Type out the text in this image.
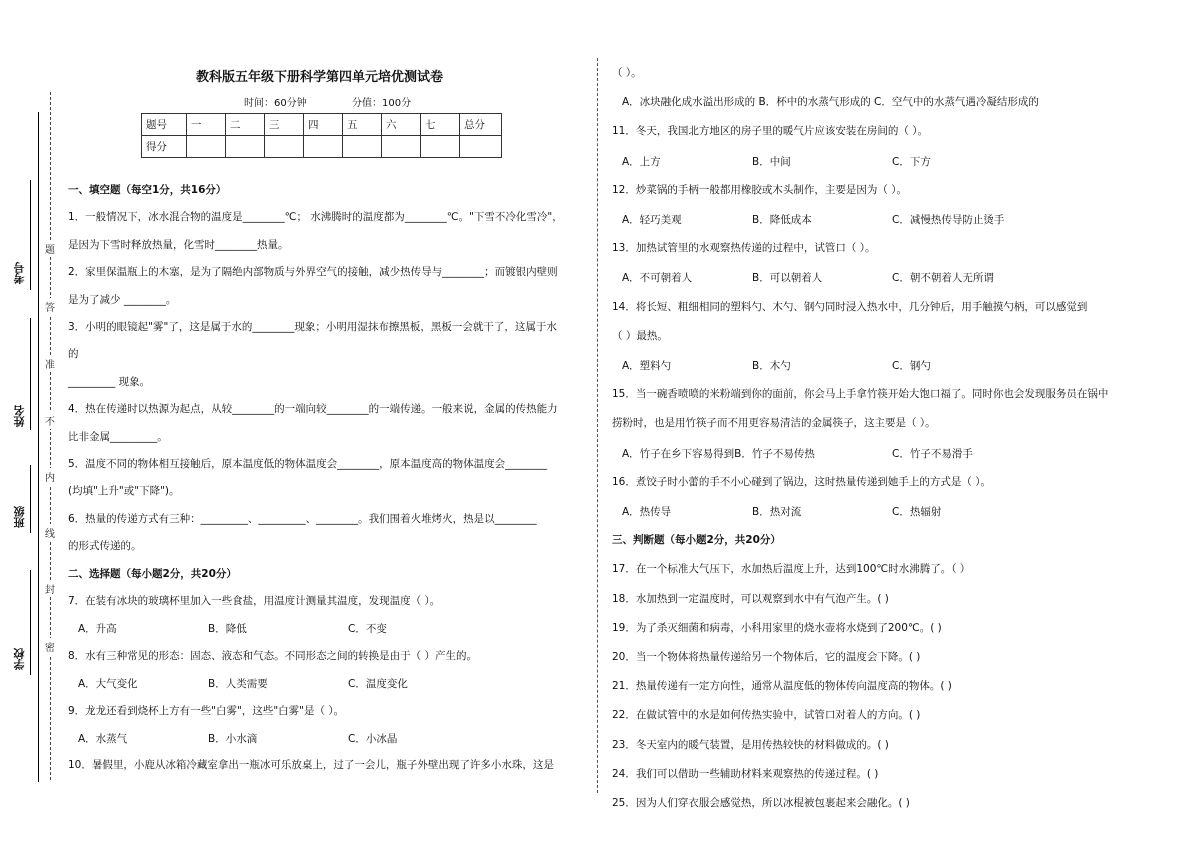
考号
姓名
班级
学校
题
答
准
不
内
线
封
密
教科版五年级下册科学第四单元培优测试卷
时间：60分钟	分值：100分
题号	一	二	三	四	五	六	七	总分
得分								
一、填空题（每空1分，共16分）
1．一般情况下，冰水混合物的温度是________℃； 水沸腾时的温度都为________℃。"下雪不冷化雪冷"，
是因为下雪时释放热量，化雪时________热量。
2．家里保温瓶上的木塞，是为了隔绝内部物质与外界空气的接触，减少热传导与________；而镀银内壁则
是为了减少 ________。
3．小明的眼镜起"雾"了，这是属于水的________现象；小明用湿抹布擦黑板，黑板一会就干了，这属于水
的
_________ 现象。
4．热在传递时以热源为起点，从较________的一端向较________的一端传递。一般来说，金属的传热能力
比非金属_________。
5．温度不同的物体相互接触后，原本温度低的物体温度会________，原本温度高的物体温度会________
(均填"上升"或"下降")。
6．热量的传递方式有三种：_________、_________、________。我们围着火堆烤火，热是以________
的形式传递的。
二、选择题（每小题2分，共20分）
7．在装有冰块的玻璃杯里加入一些食盐，用温度计测量其温度，发现温度（ ）。
A．升高	B．降低	C．不变
8．水有三种常见的形态：固态、液态和气态。不同形态之间的转换是由于（ ）产生的。
A．大气变化	B．人类需要	C．温度变化
9．龙龙还看到烧杯上方有一些"白雾"，这些"白雾"是（ ）。
A．水蒸气	B．小水滴	C．小冰晶
10．暑假里，小鹿从冰箱冷藏室拿出一瓶冰可乐放桌上，过了一会儿，瓶子外壁出现了许多小水珠，这是
（ ）。
A．冰块融化成水溢出形成的 B．杯中的水蒸气形成的 C．空气中的水蒸气遇冷凝结形成的
11．冬天，我国北方地区的房子里的暖气片应该安装在房间的（ ）。
A．上方	B．中间	C．下方
12．炒菜锅的手柄一般都用橡胶或木头制作，主要是因为（ ）。
A．轻巧美观	B．降低成本	C．减慢热传导防止烫手
13．加热试管里的水观察热传递的过程中，试管口（ ）。
A．不可朝着人	B．可以朝着人	C．朝不朝着人无所谓
14．将长短、粗细相同的塑料勺、木勺、钢勺同时浸入热水中，几分钟后，用手触摸勺柄，可以感觉到
（ ）最热。
A．塑料勺	B．木勺	C．钢勺
15．当一碗香喷喷的米粉端到你的面前，你会马上手拿竹筷开始大饱口福了。同时你也会发现服务员在锅中
捞粉时，也是用竹筷子而不用更容易清洁的金属筷子，这主要是（ ）。
A．竹子在乡下容易得到B．竹子不易传热	C．竹子不易滑手
16．煮饺子时小蕾的手不小心碰到了锅边，这时热量传递到她手上的方式是（ ）。
A．热传导	B．热对流	C．热辐射
三、判断题（每小题2分，共20分）
17．在一个标准大气压下，水加热后温度上升，达到100℃时水沸腾了。（ ）
18．水加热到一定温度时，可以观察到水中有气泡产生。( )
19．为了杀灭细菌和病毒，小科用家里的烧水壶将水烧到了200℃。( )
20．当一个物体将热量传递给另一个物体后，它的温度会下降。( )
21．热量传递有一定方向性，通常从温度低的物体传向温度高的物体。( )
22．在做试管中的水是如何传热实验中，试管口对着人的方向。( )
23．冬天室内的暖气装置，是用传热较快的材料做成的。( )
24．我们可以借助一些辅助材料来观察热的传递过程。( )
25．因为人们穿衣服会感觉热，所以冰棍被包裹起来会融化。( )
